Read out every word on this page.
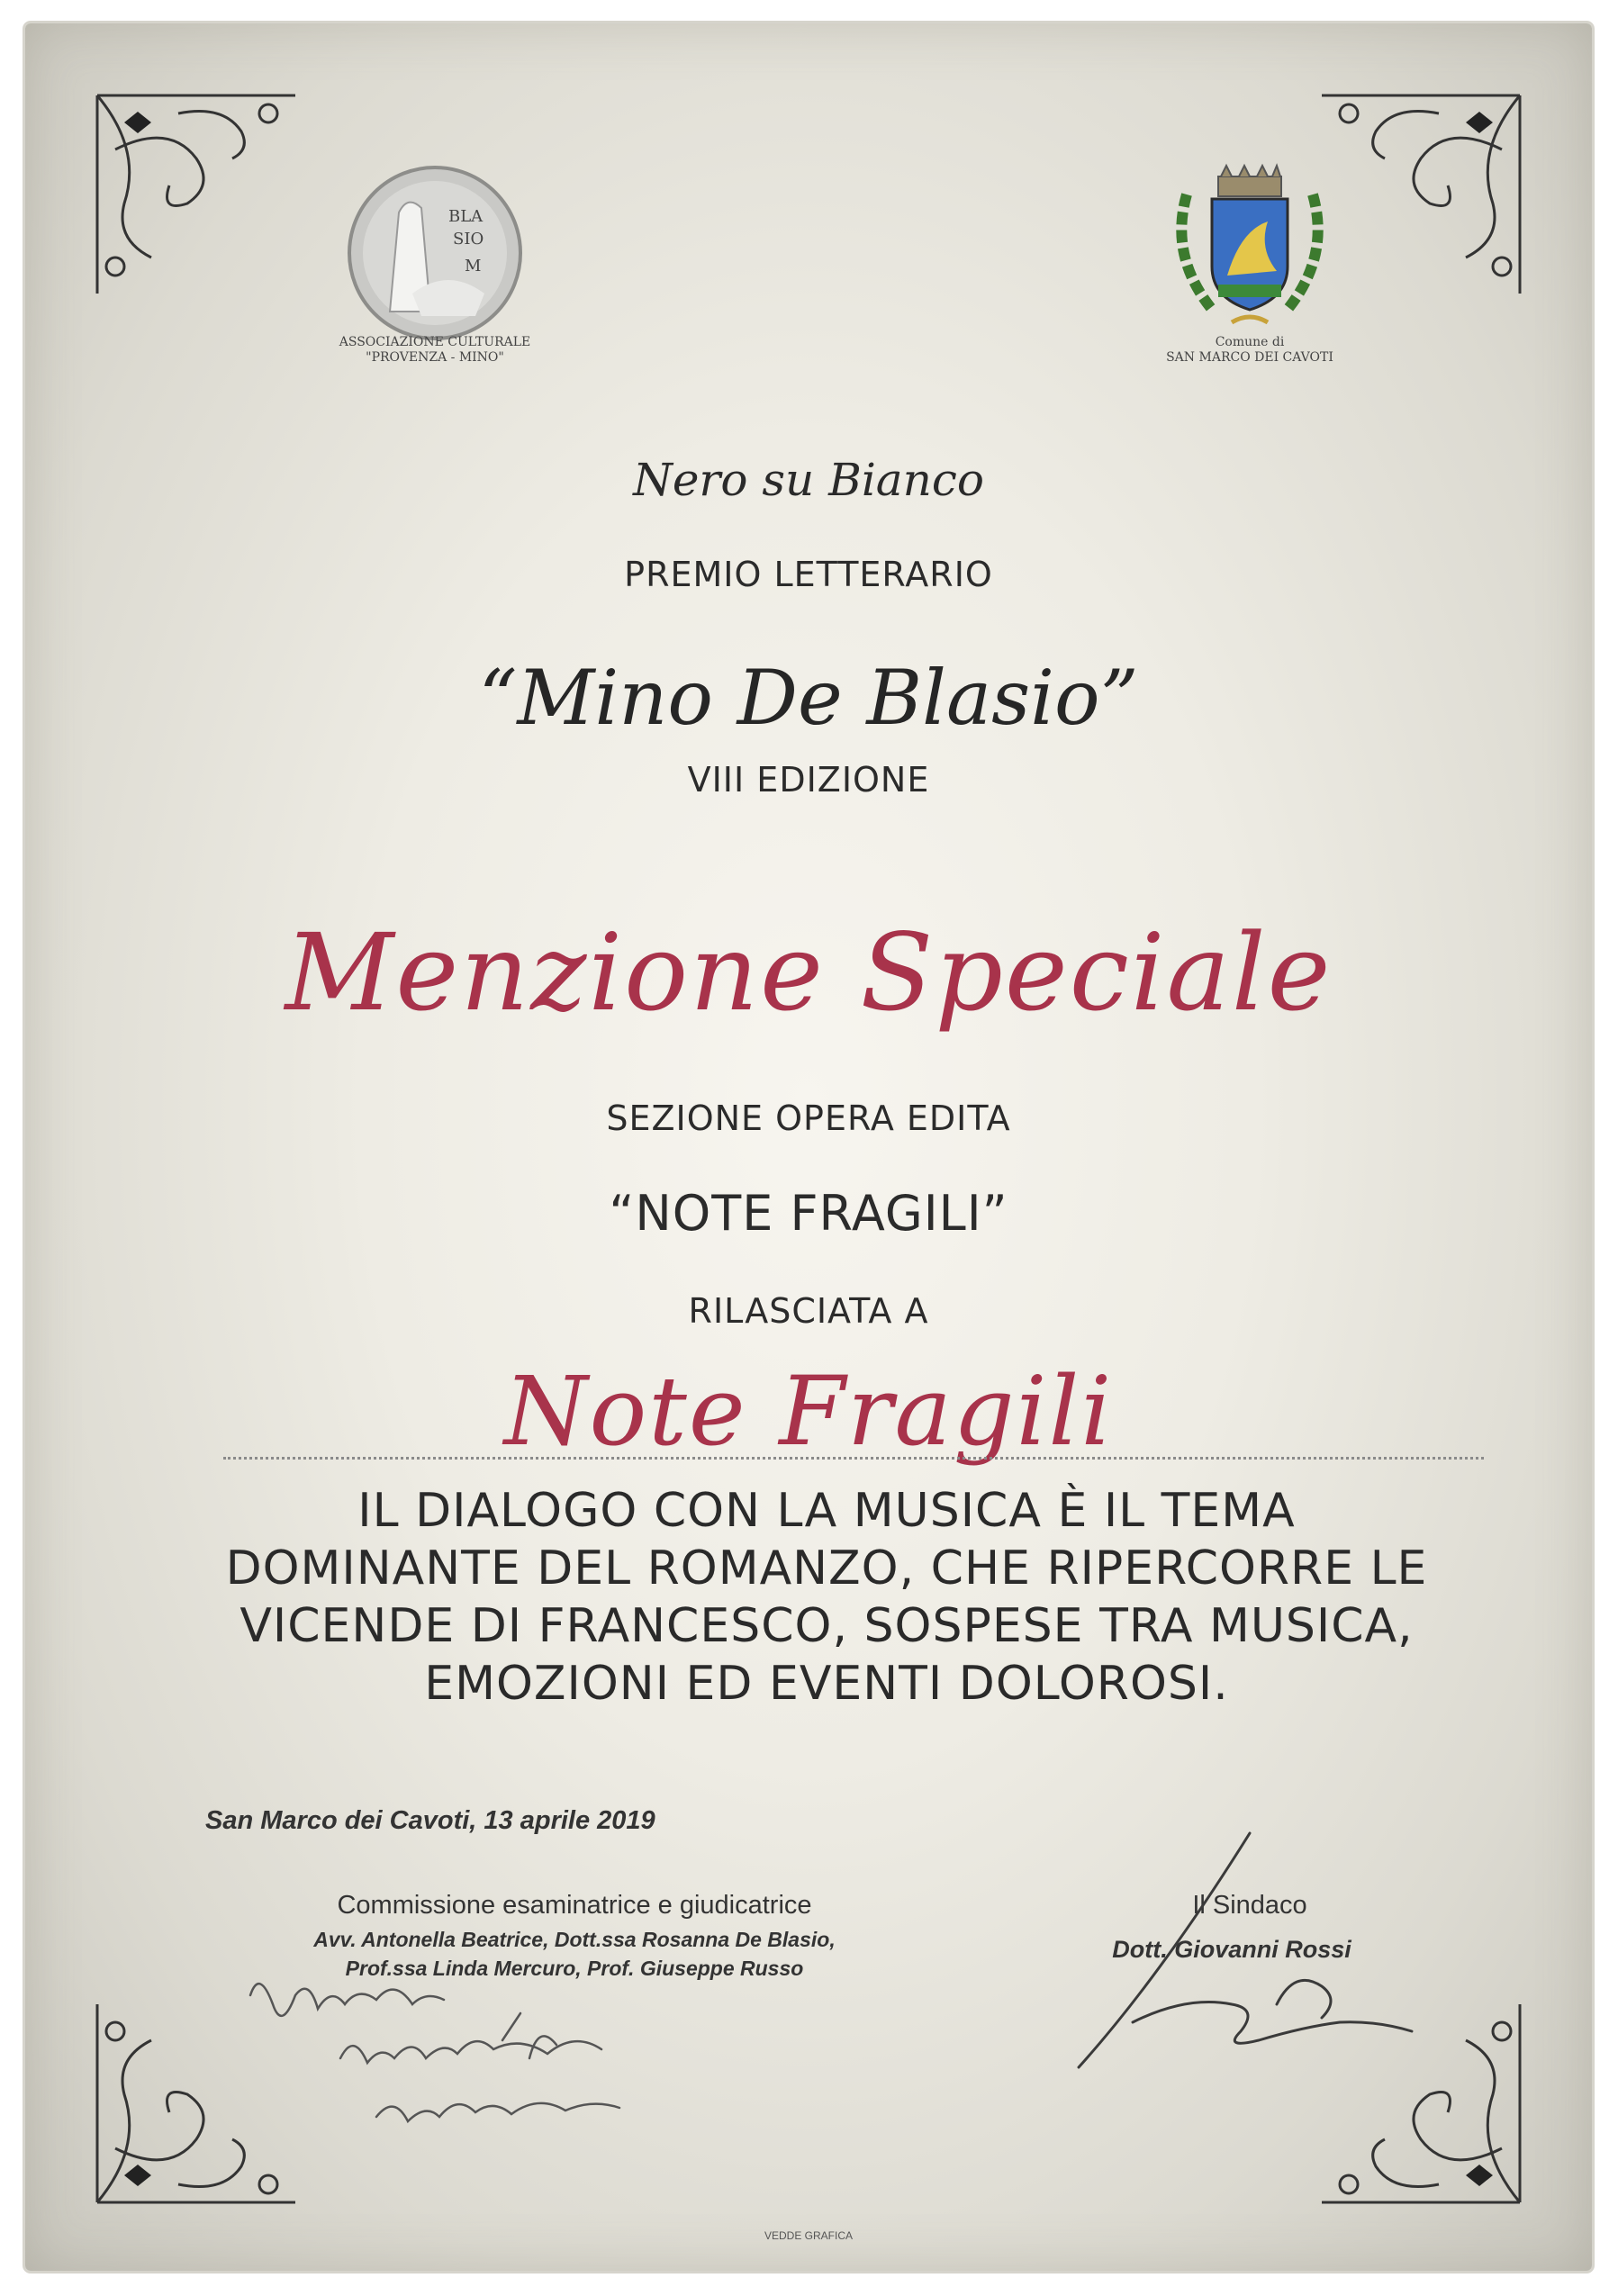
BLA
SIO
M
ASSOCIAZIONE CULTURALE
"PROVENZA - MINO"
Comune di
SAN MARCO DEI CAVOTI
Nero su Bianco
PREMIO LETTERARIO
“Mino De Blasio”
VIII EDIZIONE
Menzione Speciale
SEZIONE OPERA EDITA
“NOTE FRAGILI”
RILASCIATA A
Note Fragili
IL DIALOGO CON LA MUSICA È IL TEMA DOMINANTE DEL ROMANZO, CHE RIPERCORRE LE VICENDE DI FRANCESCO, SOSPESE TRA MUSICA, EMOZIONI ED EVENTI DOLOROSI.
San Marco dei Cavoti, 13 aprile 2019
Commissione esaminatrice e giudicatrice
Avv. Antonella Beatrice, Dott.ssa Rosanna De Blasio,
Prof.ssa Linda Mercuro, Prof. Giuseppe Russo
Il Sindaco
Dott. Giovanni Rossi
VEDDE GRAFICA
